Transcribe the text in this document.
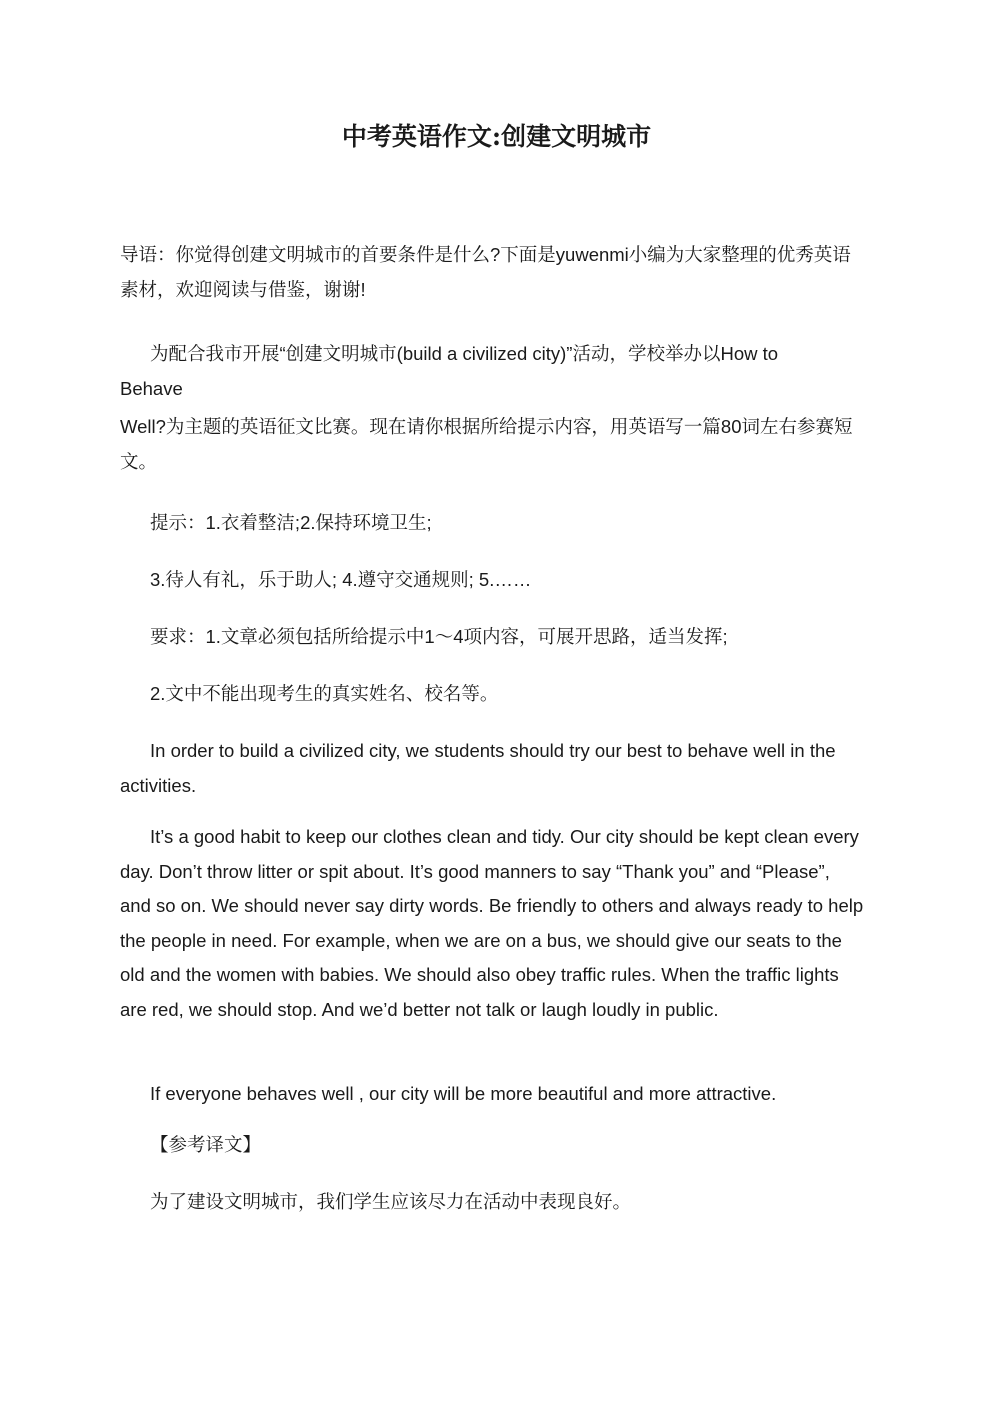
中考英语作文:创建文明城市

导语：你觉得创建文明城市的首要条件是什么?下面是yuwenmi小编为大家整理的优秀英语素材，欢迎阅读与借鉴，谢谢!

为配合我市开展“创建文明城市(build a civilized city)”活动，学校举办以How to

Behave

Well?为主题的英语征文比赛。现在请你根据所给提示内容，用英语写一篇80词左右参赛短文。

提示：1.衣着整洁;2.保持环境卫生;

3.待人有礼，乐于助人; 4.遵守交通规则; 5.……

要求：1.文章必须包括所给提示中1～4项内容，可展开思路，适当发挥;

2.文中不能出现考生的真实姓名、校名等。

In order to build a civilized city, we students should try our best to behave well in the activities.

It’s a good habit to keep our clothes clean and tidy. Our city should be kept clean every day. Don’t throw litter or spit about. It’s good manners to say “Thank you” and “Please”, and so on. We should never say dirty words. Be friendly to others and always ready to help the people in need. For example, when we are on a bus, we should give our seats to the old and the women with babies. We should also obey traffic rules. When the traffic lights are red, we should stop. And we’d better not talk or laugh loudly in public.

If everyone behaves well , our city will be more beautiful and more attractive.

【参考译文】

为了建设文明城市，我们学生应该尽力在活动中表现良好。
